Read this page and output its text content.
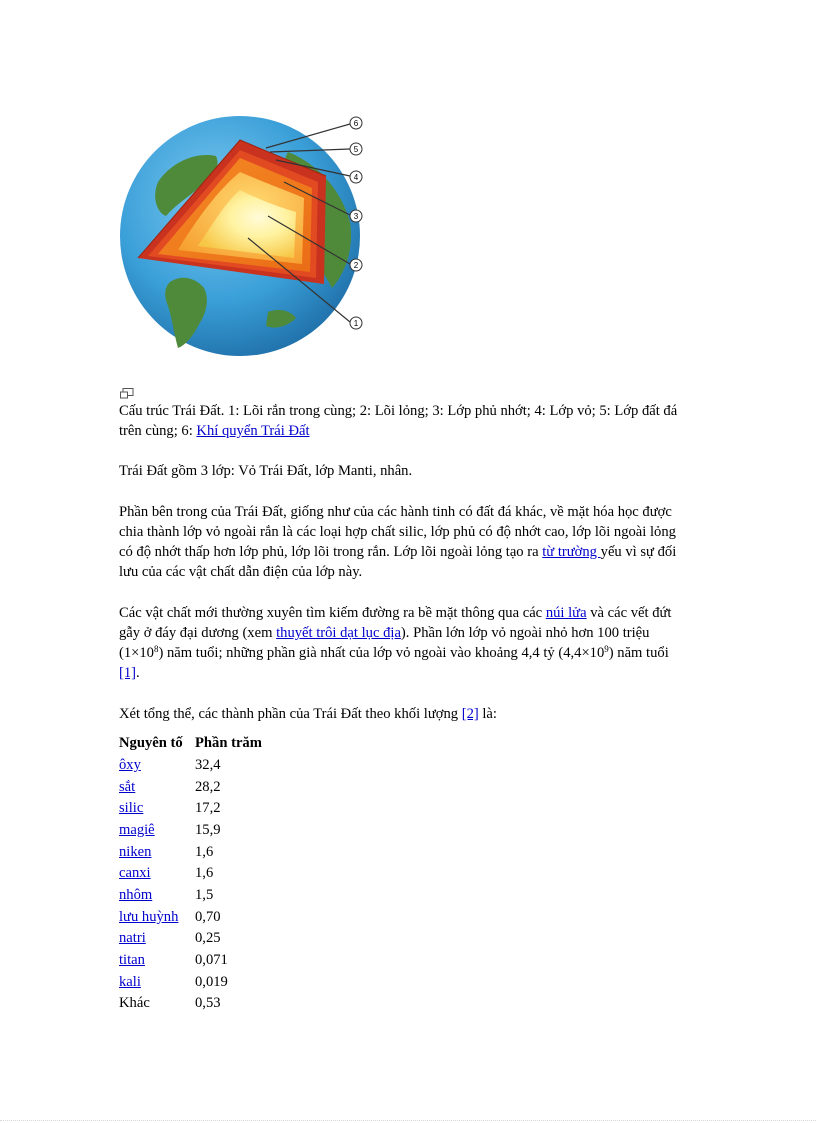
6
5
4
3
2
1

Cấu trúc Trái Đất. 1: Lõi rắn trong cùng; 2: Lõi lỏng; 3: Lớp phủ nhớt; 4: Lớp vỏ; 5: Lớp đất đá trên cùng; 6: Khí quyển Trái Đất

Trái Đất gồm 3 lớp: Vỏ Trái Đất, lớp Manti, nhân.

Phần bên trong của Trái Đất, giống như của các hành tinh có đất đá khác, về mặt hóa học được chia thành lớp vỏ ngoài rắn là các loại hợp chất silic, lớp phủ có độ nhớt cao, lớp lõi ngoài lỏng có độ nhớt thấp hơn lớp phủ, lớp lõi trong rắn. Lớp lõi ngoài lỏng tạo ra từ trường yếu vì sự đối lưu của các vật chất dẫn điện của lớp này.

Các vật chất mới thường xuyên tìm kiếm đường ra bề mặt thông qua các núi lửa và các vết đứt gẫy ở đáy đại dương (xem thuyết trôi dạt lục địa). Phần lớn lớp vỏ ngoài nhỏ hơn 100 triệu $(1\times 10^8)$ năm tuổi; những phần già nhất của lớp vỏ ngoài vào khoảng 4,4 tỷ $(4,4\times 10^9)$ năm tuổi [1].

Xét tổng thể, các thành phần của Trái Đất theo khối lượng [2] là:

Nguyên tố	Phần trăm
ôxy	32,4
sắt	28,2
silic	17,2
magiê	15,9
niken	1,6
canxi	1,6
nhôm	1,5
lưu huỳnh	0,70
natri	0,25
titan	0,071
kali	0,019
Khác	0,53
